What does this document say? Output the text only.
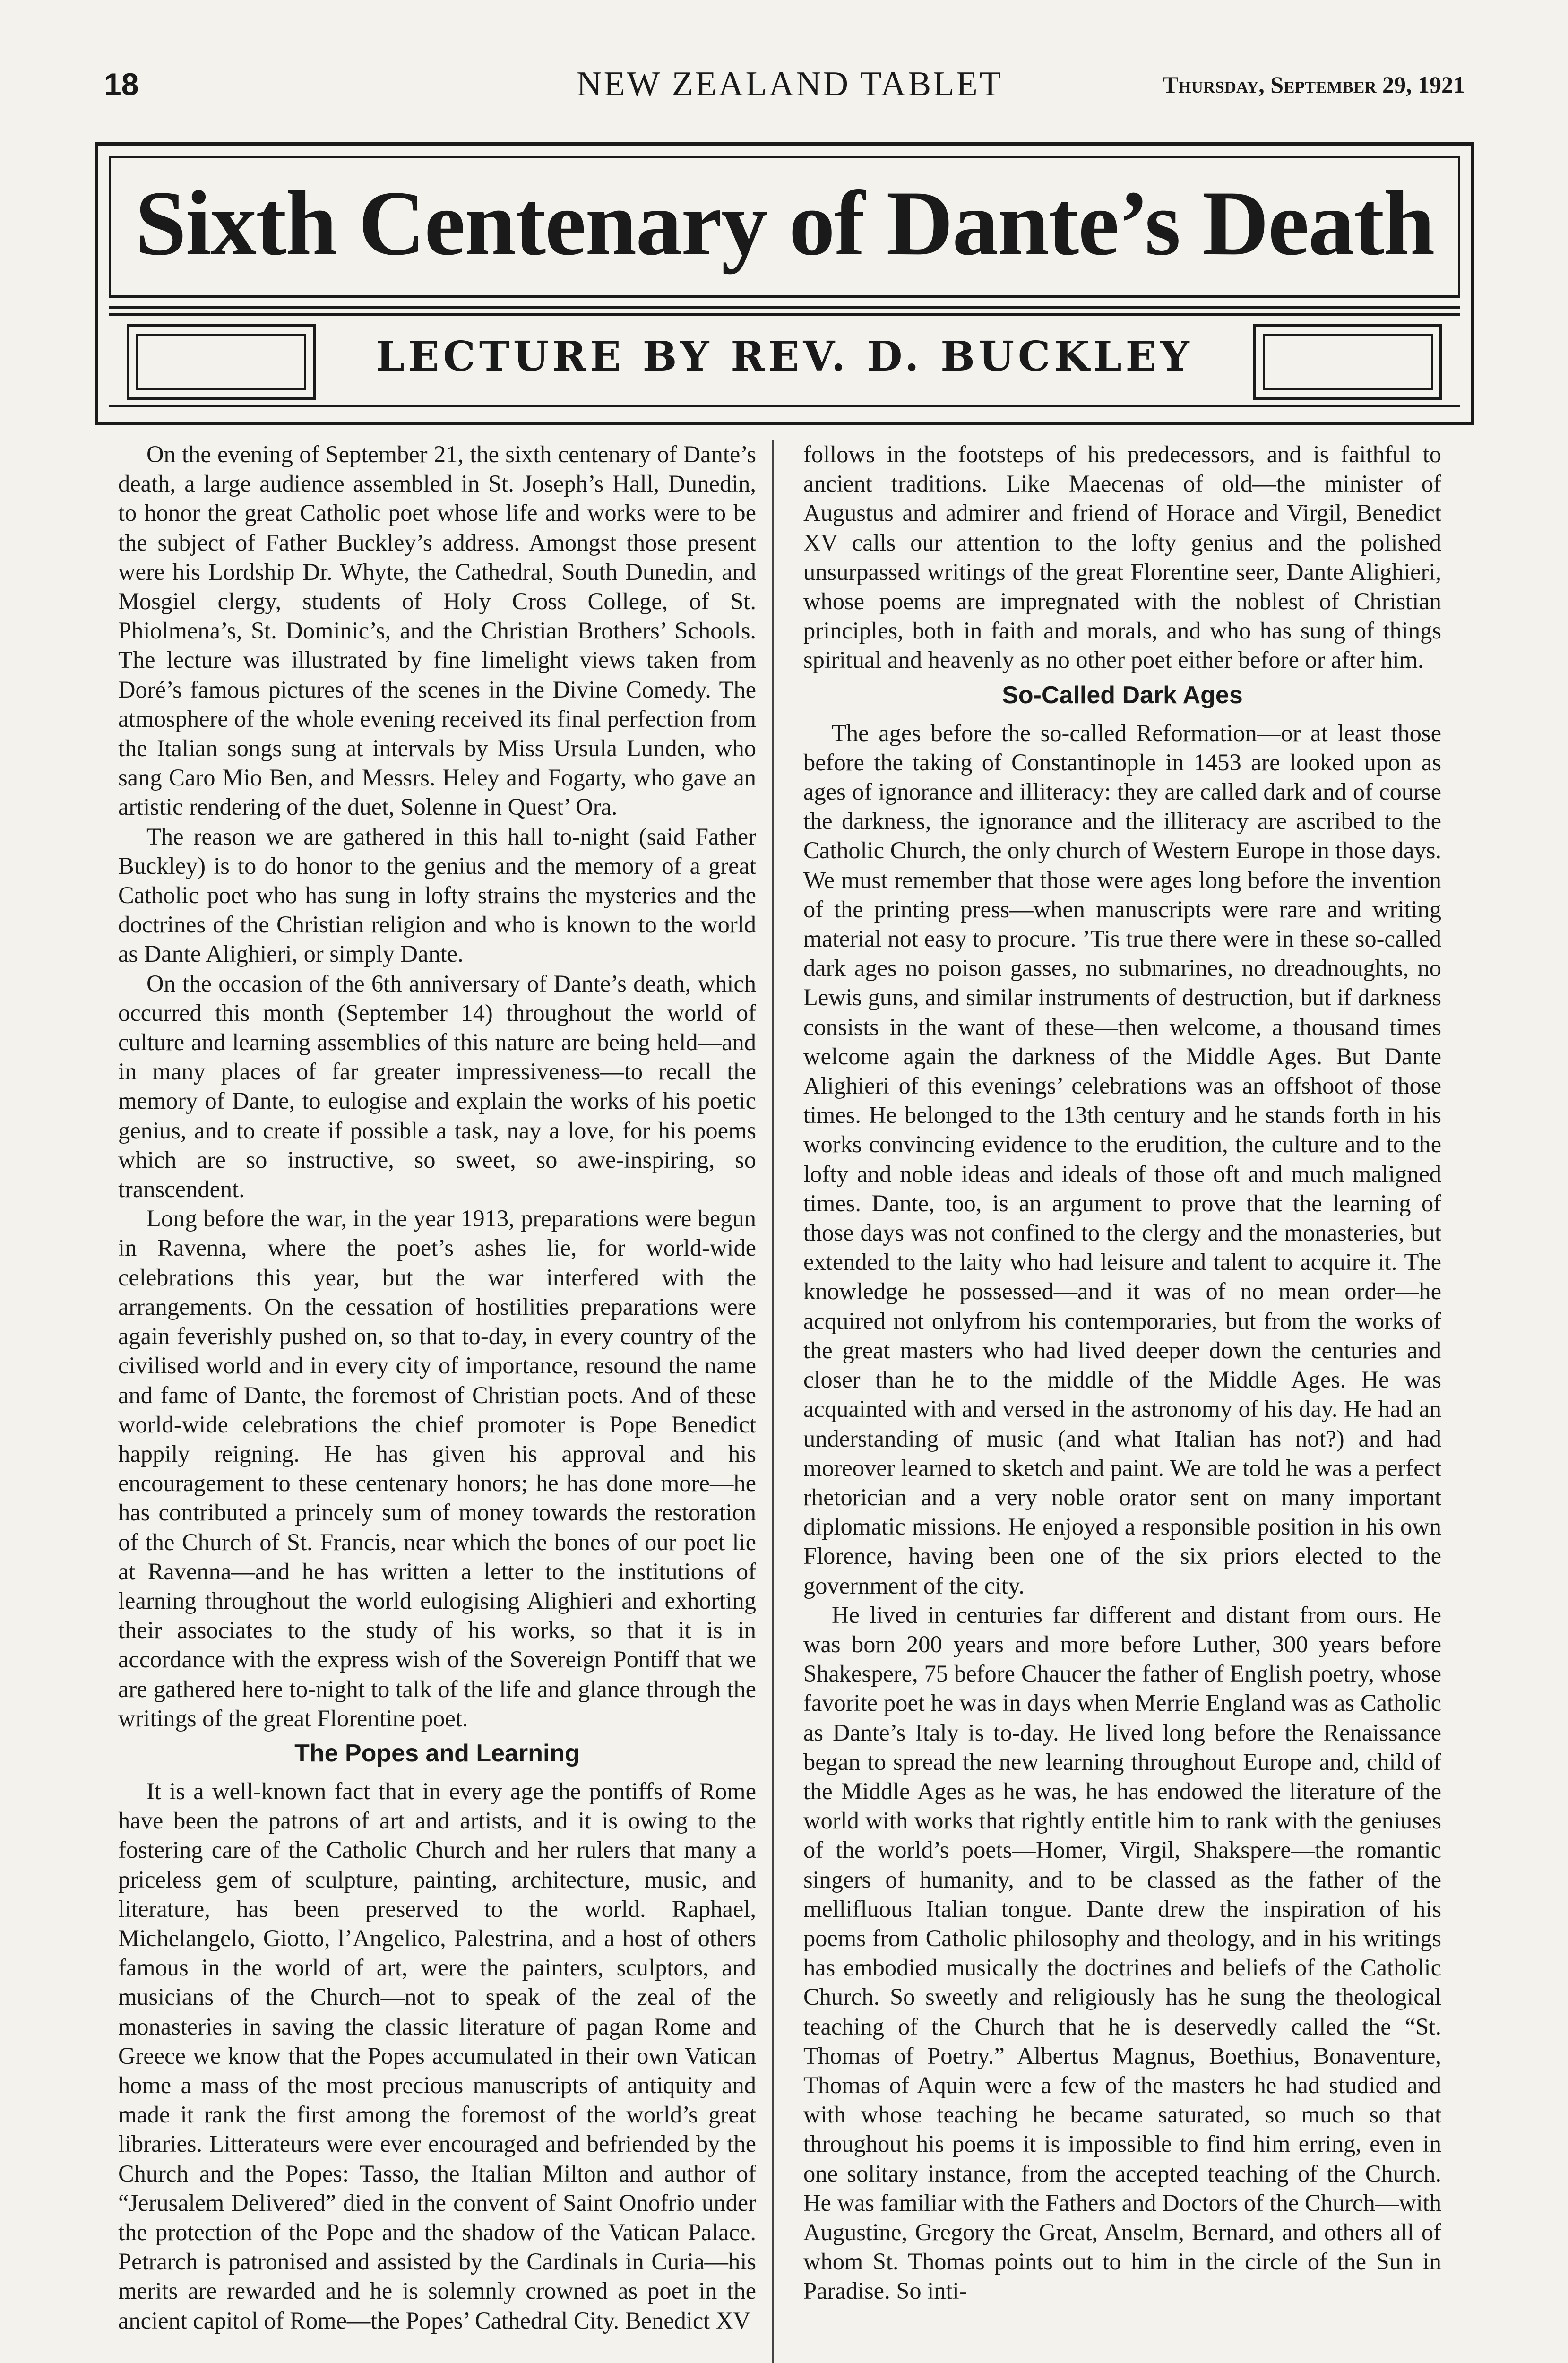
18	NEW ZEALAND TABLET	Thursday, September 29, 1921
Sixth Centenary of Dante’s Death
LECTURE BY REV. D. BUCKLEY

On the evening of September 21, the sixth centenary of Dante’s death, a large audience assembled in St. Joseph’s Hall, Dunedin, to honor the great Catholic poet whose life and works were to be the subject of Father Buckley’s address. Amongst those present were his Lordship Dr. Whyte, the Cathedral, South Dunedin, and Mosgiel clergy, students of Holy Cross College, of St. Phiolmena’s, St. Dominic’s, and the Christian Brothers’ Schools. The lecture was illustrated by fine limelight views taken from Doré’s famous pictures of the scenes in the Divine Comedy. The atmosphere of the whole evening received its final perfection from the Italian songs sung at intervals by Miss Ursula Lunden, who sang Caro Mio Ben, and Messrs. Heley and Fogarty, who gave an artistic rendering of the duet, Solenne in Quest’ Ora.

The reason we are gathered in this hall to-night (said Father Buckley) is to do honor to the genius and the memory of a great Catholic poet who has sung in lofty strains the mysteries and the doctrines of the Christian religion and who is known to the world as Dante Alighieri, or simply Dante.

On the occasion of the 6th anniversary of Dante’s death, which occurred this month (September 14) throughout the world of culture and learning assemblies of this nature are being held—and in many places of far greater impressiveness—to recall the memory of Dante, to eulogise and explain the works of his poetic genius, and to create if possible a task, nay a love, for his poems which are so instructive, so sweet, so awe-inspiring, so transcendent.

Long before the war, in the year 1913, preparations were begun in Ravenna, where the poet’s ashes lie, for world-wide celebrations this year, but the war interfered with the arrangements. On the cessation of hostilities preparations were again feverishly pushed on, so that to-day, in every country of the civilised world and in every city of importance, resound the name and fame of Dante, the foremost of Christian poets. And of these world-wide celebrations the chief promoter is Pope Benedict happily reigning. He has given his approval and his encouragement to these centenary honors; he has done more—he has contributed a princely sum of money towards the restoration of the Church of St. Francis, near which the bones of our poet lie at Ravenna—and he has written a letter to the institutions of learning throughout the world eulogising Alighieri and exhorting their associates to the study of his works, so that it is in accordance with the express wish of the Sovereign Pontiff that we are gathered here to-night to talk of the life and glance through the writings of the great Florentine poet.

The Popes and Learning

It is a well-known fact that in every age the pontiffs of Rome have been the patrons of art and artists, and it is owing to the fostering care of the Catholic Church and her rulers that many a priceless gem of sculpture, painting, architecture, music, and literature, has been preserved to the world. Raphael, Michelangelo, Giotto, l’Angelico, Palestrina, and a host of others famous in the world of art, were the painters, sculptors, and musicians of the Church—not to speak of the zeal of the monasteries in saving the classic literature of pagan Rome and Greece we know that the Popes accumulated in their own Vatican home a mass of the most precious manuscripts of antiquity and made it rank the first among the foremost of the world’s great libraries. Litterateurs were ever encouraged and befriended by the Church and the Popes: Tasso, the Italian Milton and author of “Jerusalem Delivered” died in the convent of Saint Onofrio under the protection of the Pope and the shadow of the Vatican Palace. Petrarch is patronised and assisted by the Cardinals in Curia—his merits are rewarded and he is solemnly crowned as poet in the ancient capitol of Rome—the Popes’ Cathedral City. Benedict XV

follows in the footsteps of his predecessors, and is faithful to ancient traditions. Like Maecenas of old—the minister of Augustus and admirer and friend of Horace and Virgil, Benedict XV calls our attention to the lofty genius and the polished unsurpassed writings of the great Florentine seer, Dante Alighieri, whose poems are impregnated with the noblest of Christian principles, both in faith and morals, and who has sung of things spiritual and heavenly as no other poet either before or after him.

So-Called Dark Ages

The ages before the so-called Reformation—or at least those before the taking of Constantinople in 1453 are looked upon as ages of ignorance and illiteracy: they are called dark and of course the darkness, the ignorance and the illiteracy are ascribed to the Catholic Church, the only church of Western Europe in those days. We must remember that those were ages long before the invention of the printing press—when manuscripts were rare and writing material not easy to procure. ’Tis true there were in these so-called dark ages no poison gasses, no submarines, no dreadnoughts, no Lewis guns, and similar instruments of destruction, but if darkness consists in the want of these—then welcome, a thousand times welcome again the darkness of the Middle Ages. But Dante Alighieri of this evenings’ celebrations was an offshoot of those times. He belonged to the 13th century and he stands forth in his works convincing evidence to the erudition, the culture and to the lofty and noble ideas and ideals of those oft and much maligned times. Dante, too, is an argument to prove that the learning of those days was not confined to the clergy and the monasteries, but extended to the laity who had leisure and talent to acquire it. The knowledge he possessed—and it was of no mean order—he acquired not onlyfrom his contemporaries, but from the works of the great masters who had lived deeper down the centuries and closer than he to the middle of the Middle Ages. He was acquainted with and versed in the astronomy of his day. He had an understanding of music (and what Italian has not?) and had moreover learned to sketch and paint. We are told he was a perfect rhetorician and a very noble orator sent on many important diplomatic missions. He enjoyed a responsible position in his own Florence, having been one of the six priors elected to the government of the city.

He lived in centuries far different and distant from ours. He was born 200 years and more before Luther, 300 years before Shakespere, 75 before Chaucer the father of English poetry, whose favorite poet he was in days when Merrie England was as Catholic as Dante’s Italy is to-day. He lived long before the Renaissance began to spread the new learning throughout Europe and, child of the Middle Ages as he was, he has endowed the literature of the world with works that rightly entitle him to rank with the geniuses of the world’s poets—Homer, Virgil, Shakspere—the romantic singers of humanity, and to be classed as the father of the mellifluous Italian tongue. Dante drew the inspiration of his poems from Catholic philosophy and theology, and in his writings has embodied musically the doctrines and beliefs of the Catholic Church. So sweetly and religiously has he sung the theological teaching of the Church that he is deservedly called the “St. Thomas of Poetry.” Albertus Magnus, Boethius, Bonaventure, Thomas of Aquin were a few of the masters he had studied and with whose teaching he became saturated, so much so that throughout his poems it is impossible to find him erring, even in one solitary instance, from the accepted teaching of the Church. He was familiar with the Fathers and Doctors of the Church—with Augustine, Gregory the Great, Anselm, Bernard, and others all of whom St. Thomas points out to him in the circle of the Sun in Paradise. So inti-
